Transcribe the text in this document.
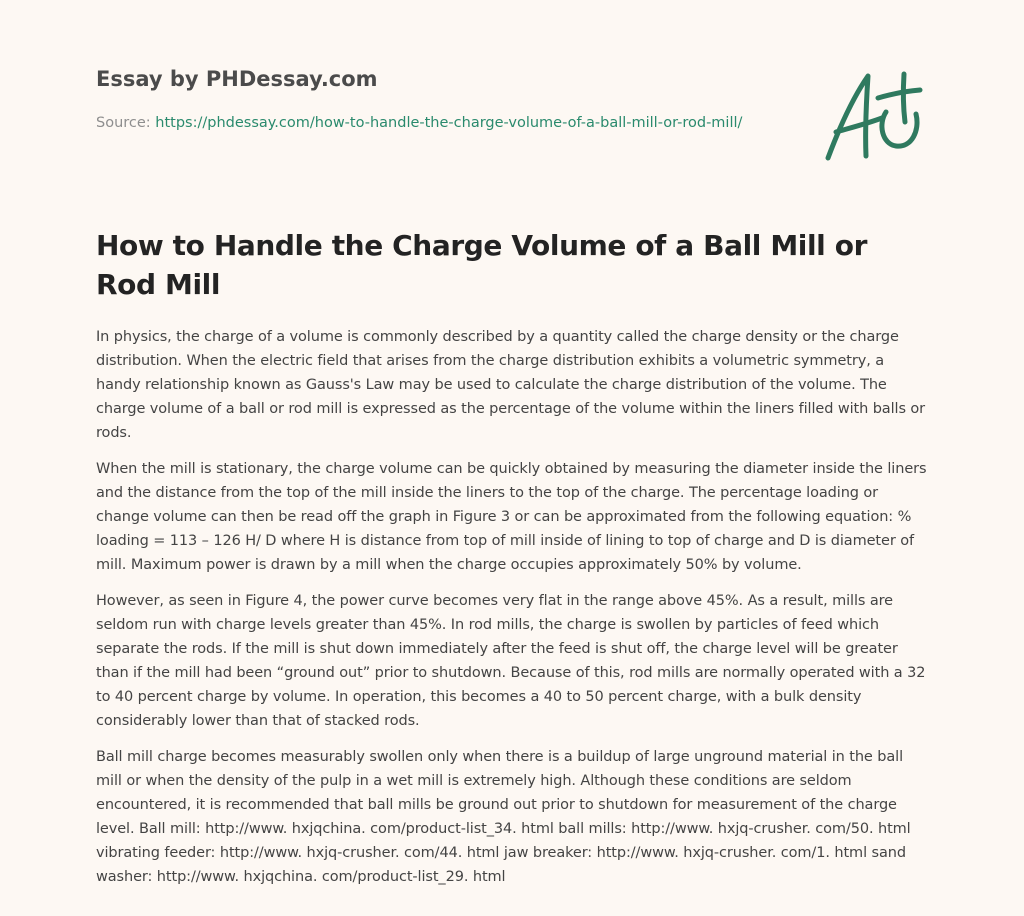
Essay by PHDessay.com
Source: https://phdessay.com/how-to-handle-the-charge-volume-of-a-ball-mill-or-rod-mill/
How to Handle the Charge Volume of a Ball Mill or Rod Mill

In physics, the charge of a volume is commonly described by a quantity called the charge density or the charge distribution. When the electric field that arises from the charge distribution exhibits a volumetric symmetry, a handy relationship known as Gauss's Law may be used to calculate the charge distribution of the volume. The charge volume of a ball or rod mill is expressed as the percentage of the volume within the liners filled with balls or rods.

When the mill is stationary, the charge volume can be quickly obtained by measuring the diameter inside the liners and the distance from the top of the mill inside the liners to the top of the charge. The percentage loading or change volume can then be read off the graph in Figure 3 or can be approximated from the following equation: % loading = 113 – 126 H/ D where H is distance from top of mill inside of lining to top of charge and D is diameter of mill. Maximum power is drawn by a mill when the charge occupies approximately 50% by volume.

However, as seen in Figure 4, the power curve becomes very flat in the range above 45%. As a result, mills are seldom run with charge levels greater than 45%. In rod mills, the charge is swollen by particles of feed which separate the rods. If the mill is shut down immediately after the feed is shut off, the charge level will be greater than if the mill had been “ground out” prior to shutdown. Because of this, rod mills are normally operated with a 32 to 40 percent charge by volume. In operation, this becomes a 40 to 50 percent charge, with a bulk density considerably lower than that of stacked rods.

Ball mill charge becomes measurably swollen only when there is a buildup of large unground material in the ball mill or when the density of the pulp in a wet mill is extremely high. Although these conditions are seldom encountered, it is recommended that ball mills be ground out prior to shutdown for measurement of the charge level. Ball mill: http://www. hxjqchina. com/product-list_34. html ball mills: http://www. hxjq-crusher. com/50. html vibrating feeder: http://www. hxjq-crusher. com/44. html jaw breaker: http://www. hxjq-crusher. com/1. html sand washer: http://www. hxjqchina. com/product-list_29. html
